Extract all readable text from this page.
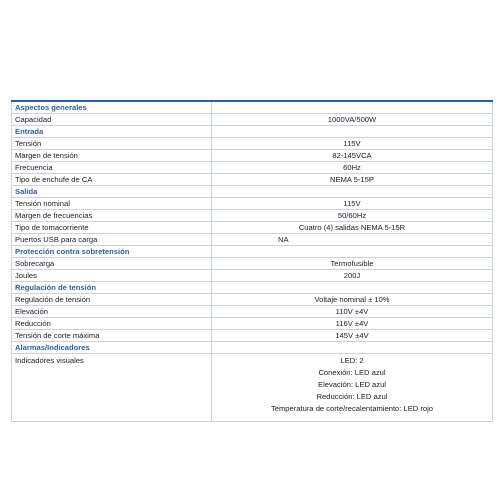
Aspectos generales	
Capacidad	1000VA/500W
Entrada	
Tensión	115V
Margen de tensión	82-145VCA
Frecuencia	60Hz
Tipo de enchufe de CA	NEMA 5-15P
Salida	
Tensión nominal	115V
Margen de frecuencias	50/60Hz
Tipo de tomacorriente	Cuatro (4) salidas NEMA 5-15R
Puertos USB para carga	NA
Protección contra sobretensión	
Sobrecarga	Termofusible
Joules	200J
Regulación de tensión	
Regulación de tensión	Voltaje nominal ± 10%
Elevación	110V ±4V
Reducción	116V ±4V
Tensión de corte máxima	145V ±4V
Alarmas/Indicadores	
Indicadores visuales	LED: 2
Conexión: LED azul
Elevación: LED azul
Reducción: LED azul
Temperatura de corte/recalentamiento: LED rojo
